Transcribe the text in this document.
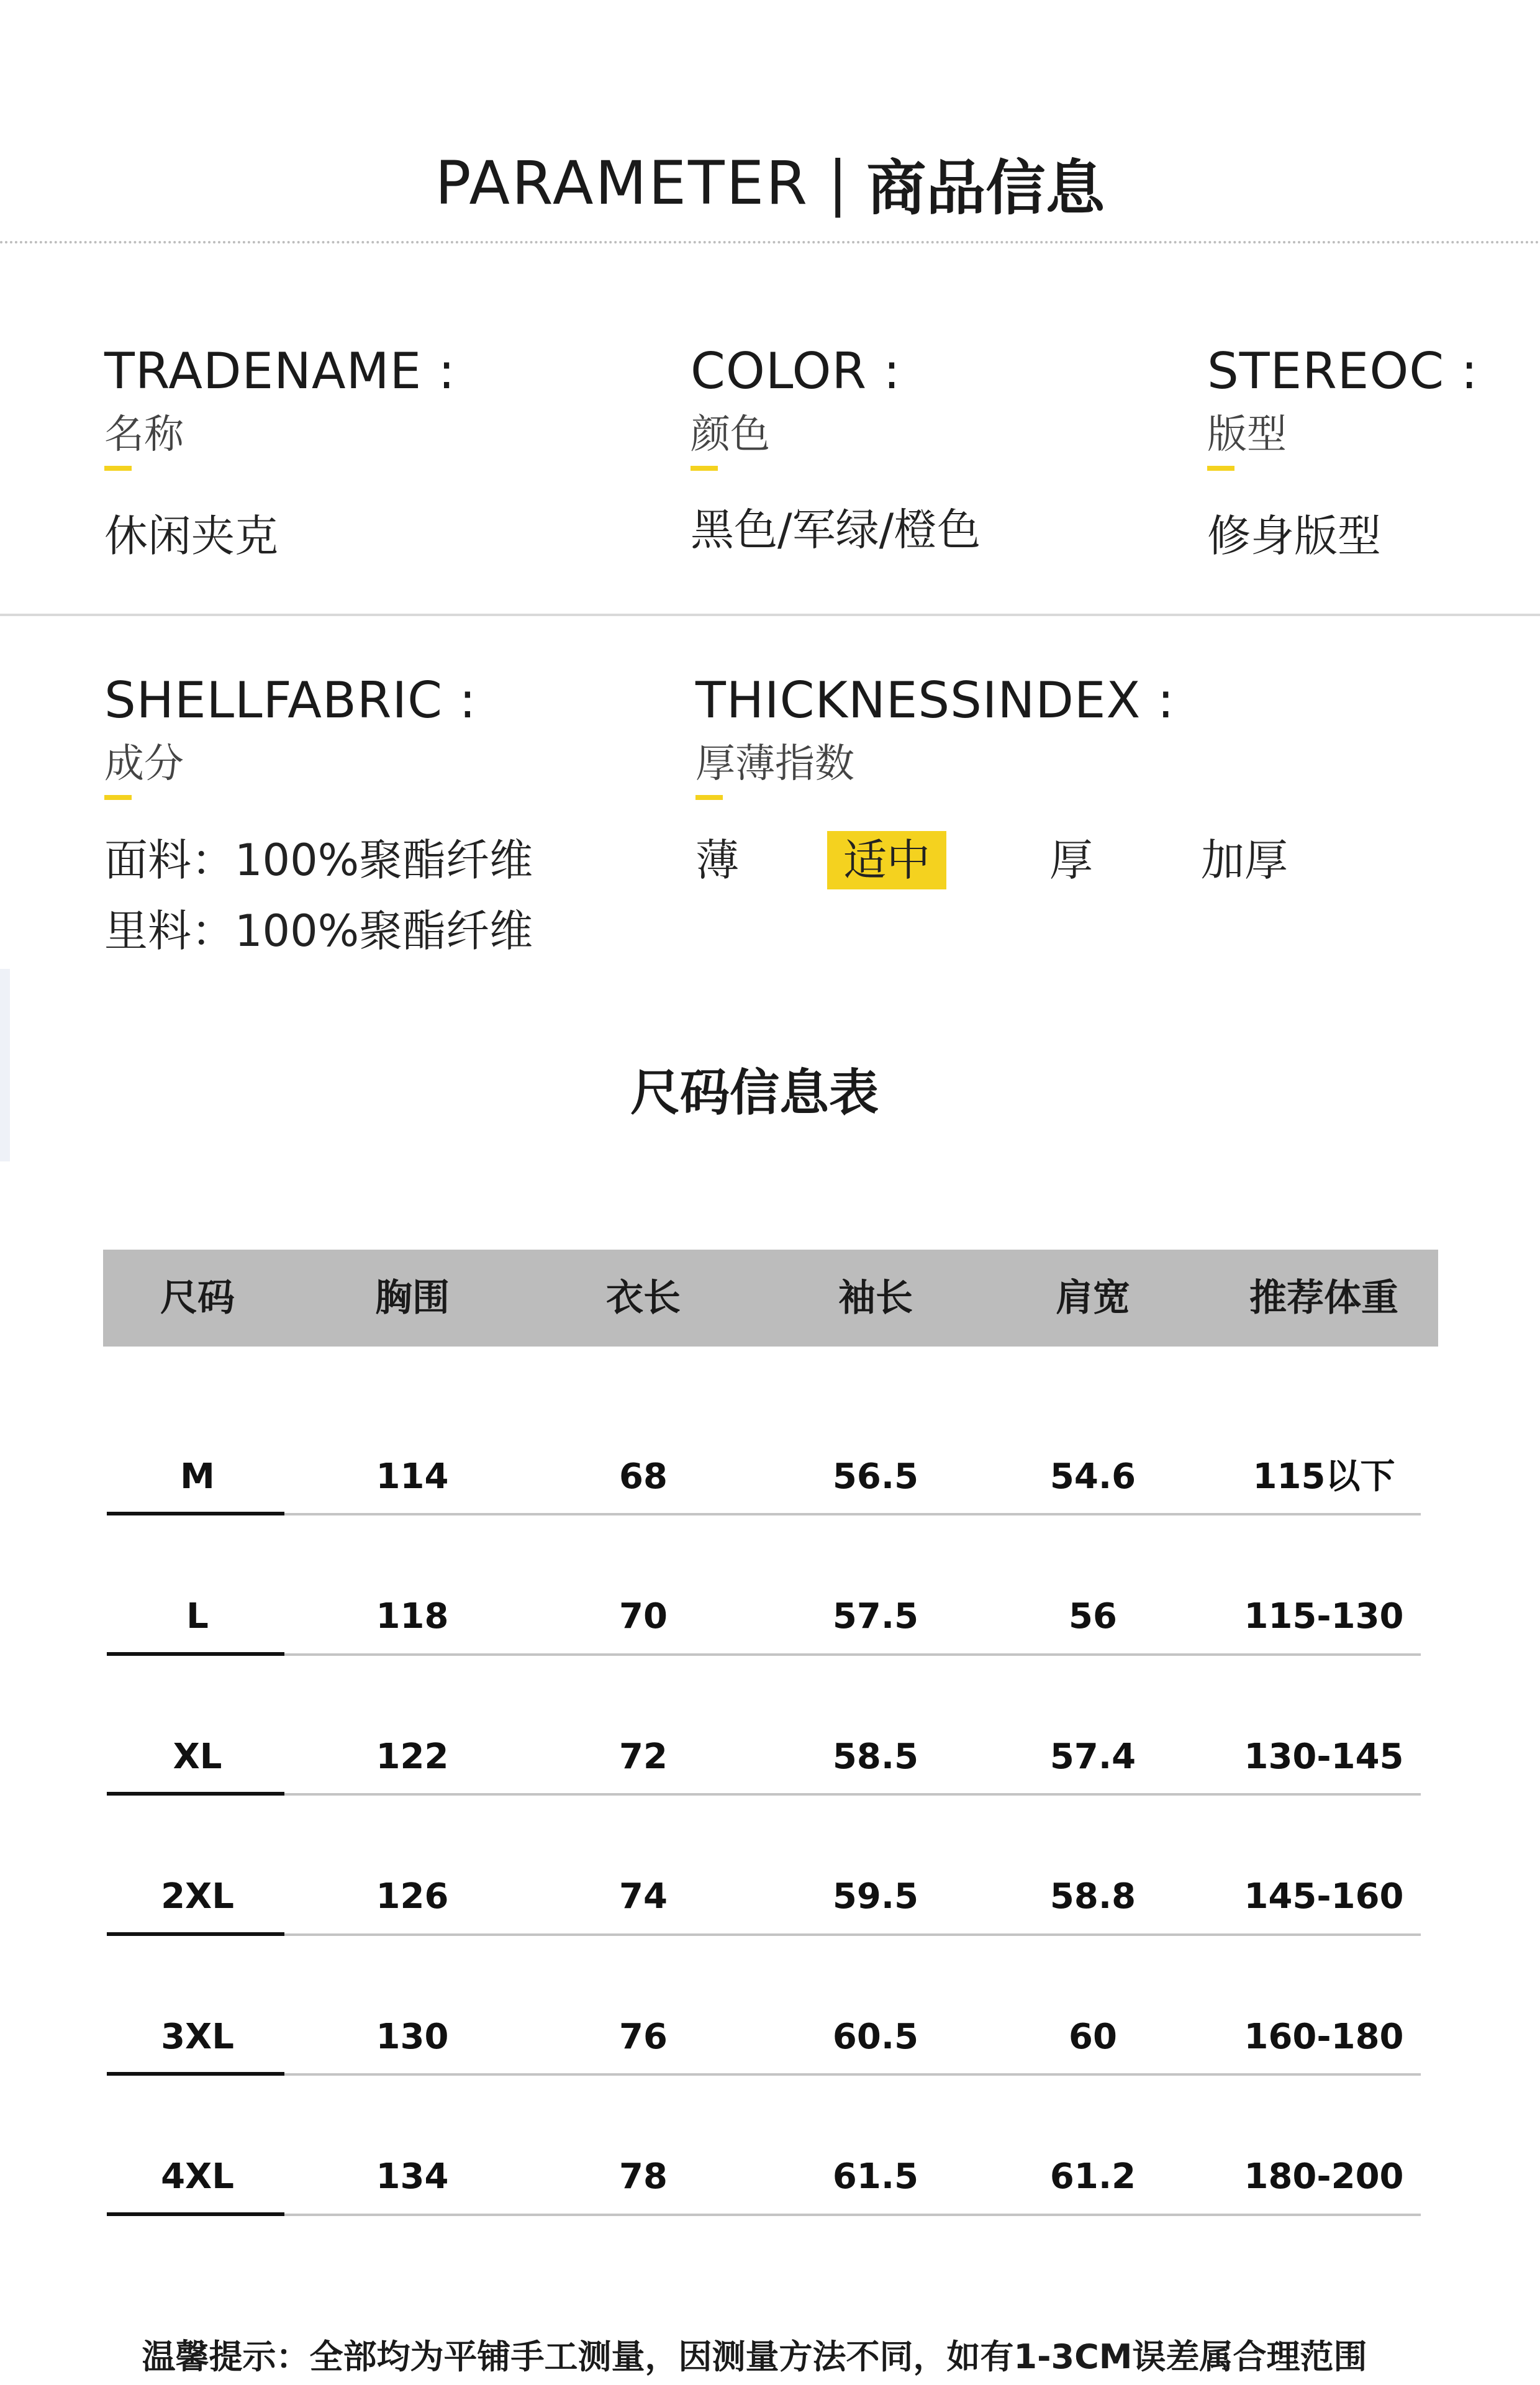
PARAMETER | 商品信息
TRADENAME :
名称
休闲夹克
COLOR :
颜色
黑色/军绿/橙色
STEREOC :
版型
修身版型
SHELLFABRIC :
成分
面料：100%聚酯纤维
里料：100%聚酯纤维
THICKNESSINDEX :
厚薄指数
薄	适中	厚 加厚
尺码信息表
尺码	胸围	衣长	袖长	肩宽	推荐体重
M	114	68	56.5	54.6	115以下
L	118	70	57.5	56	115-130
XL	122	72	58.5	57.4	130-145
2XL	126	74	59.5	58.8	145-160
3XL	130	76	60.5	60	160-180
4XL	134	78	61.5	61.2	180-200
温馨提示：全部均为平铺手工测量，因测量方法不同，如有1-3CM误差属合理范围
